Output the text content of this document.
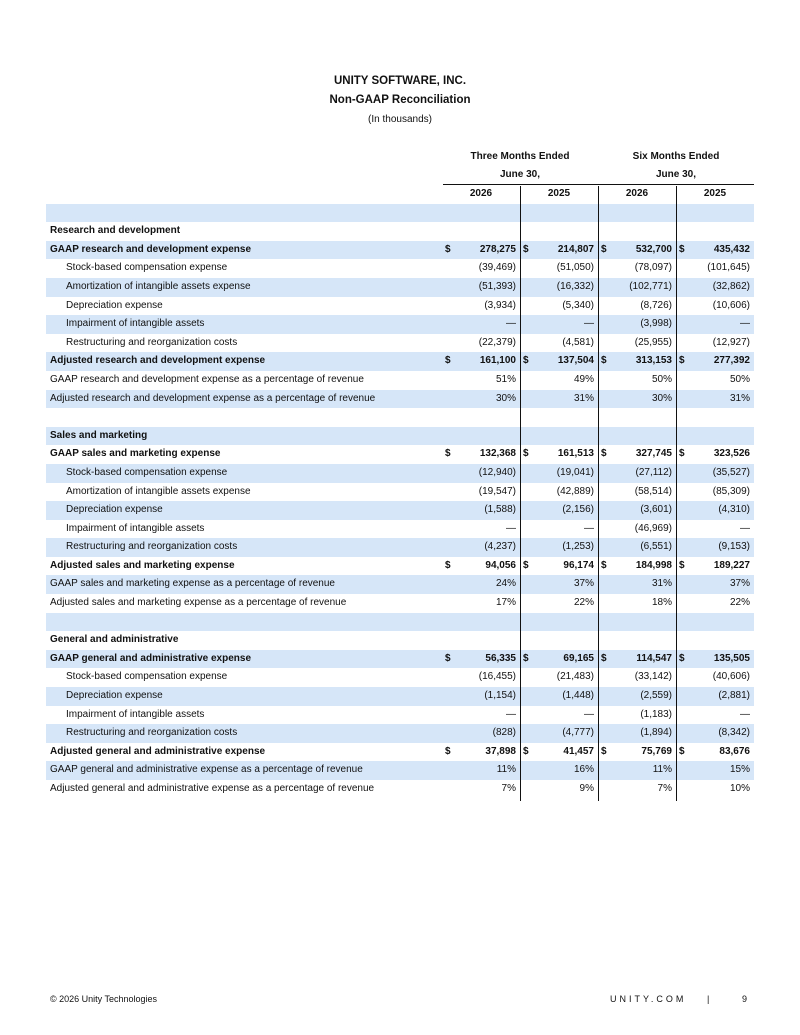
UNITY SOFTWARE, INC.
Non-GAAP Reconciliation
(In thousands)
Three Months Ended
June 30,
Six Months Ended
June 30,
	2026	2025	2026	2025

Research and development				
GAAP research and development expense	$ 278,275	$ 214,807	$ 532,700	$ 435,432
Stock-based compensation expense	(39,469)	(51,050)	(78,097)	(101,645)
Amortization of intangible assets expense	(51,393)	(16,332)	(102,771)	(32,862)
Depreciation expense	(3,934)	(5,340)	(8,726)	(10,606)
Impairment of intangible assets	—	—	(3,998)	—
Restructuring and reorganization costs	(22,379)	(4,581)	(25,955)	(12,927)
Adjusted research and development expense	$ 161,100	$ 137,504	$ 313,153	$ 277,392
GAAP research and development expense as a percentage of revenue	51%	49%	50%	50%
Adjusted research and development expense as a percentage of revenue	30%	31%	30%	31%

Sales and marketing				
GAAP sales and marketing expense	$ 132,368	$ 161,513	$ 327,745	$ 323,526
Stock-based compensation expense	(12,940)	(19,041)	(27,112)	(35,527)
Amortization of intangible assets expense	(19,547)	(42,889)	(58,514)	(85,309)
Depreciation expense	(1,588)	(2,156)	(3,601)	(4,310)
Impairment of intangible assets	—	—	(46,969)	—
Restructuring and reorganization costs	(4,237)	(1,253)	(6,551)	(9,153)
Adjusted sales and marketing expense	$ 94,056	$ 96,174	$ 184,998	$ 189,227
GAAP sales and marketing expense as a percentage of revenue	24%	37%	31%	37%
Adjusted sales and marketing expense as a percentage of revenue	17%	22%	18%	22%

General and administrative				
GAAP general and administrative expense	$ 56,335	$ 69,165	$ 114,547	$ 135,505
Stock-based compensation expense	(16,455)	(21,483)	(33,142)	(40,606)
Depreciation expense	(1,154)	(1,448)	(2,559)	(2,881)
Impairment of intangible assets	—	—	(1,183)	—
Restructuring and reorganization costs	(828)	(4,777)	(1,894)	(8,342)
Adjusted general and administrative expense	$ 37,898	$ 41,457	$ 75,769	$ 83,676
GAAP general and administrative expense as a percentage of revenue	11%	16%	11%	15%
Adjusted general and administrative expense as a percentage of revenue	7%	9%	7%	10%
© 2026 Unity Technologies	UNITY.COM |	9
